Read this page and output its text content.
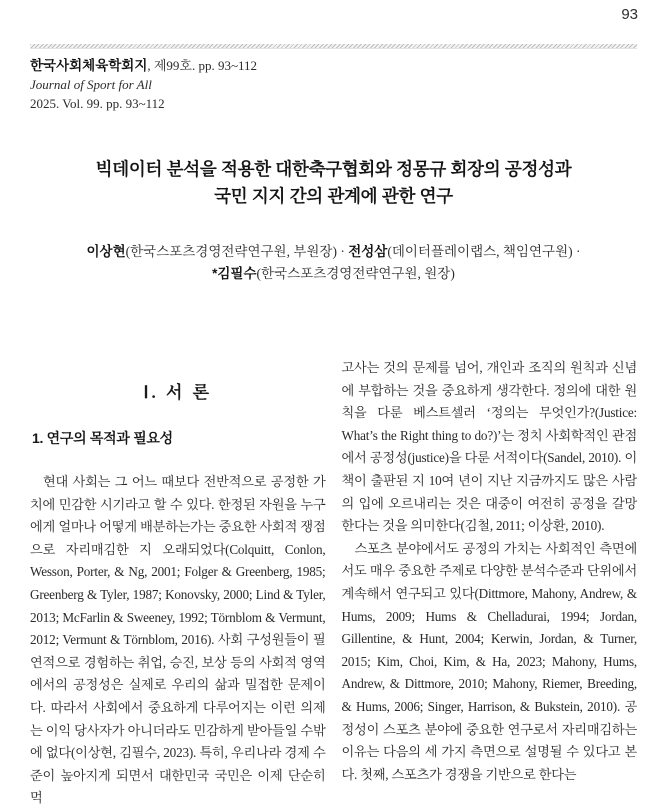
93
한국사회체육학회지, 제99호. pp. 93~112
Journal of Sport for All
2025. Vol. 99. pp. 93~112
빅데이터 분석을 적용한 대한축구협회와 정몽규 회장의 공정성과
국민 지지 간의 관계에 관한 연구
이상현(한국스포츠경영전략연구원, 부원장) · 전성삼(데이터플레이랩스, 책임연구원) ·
*김필수(한국스포츠경영전략연구원, 원장)
Ⅰ. 서 론
1. 연구의 목적과 필요성

현대 사회는 그 어느 때보다 전반적으로 공정한 가치에 민감한 시기라고 할 수 있다. 한정된 자원을 누구에게 얼마나 어떻게 배분하는가는 중요한 사회적 쟁점으로 자리매김한 지 오래되었다(Colquitt, Conlon, Wesson, Porter, & Ng, 2001; Folger & Greenberg, 1985; Greenberg & Tyler, 1987; Konovsky, 2000; Lind & Tyler, 2013; McFarlin & Sweeney, 1992; Törnblom & Vermunt, 2012; Vermunt & Törnblom, 2016). 사회 구성원들이 필연적으로 경험하는 취업, 승진, 보상 등의 사회적 영역에서의 공정성은 실제로 우리의 삶과 밀접한 문제이다. 따라서 사회에서 중요하게 다루어지는 이런 의제는 이익 당사자가 아니더라도 민감하게 받아들일 수밖에 없다(이상현, 김필수, 2023). 특히, 우리나라 경제 수준이 높아지게 되면서 대한민국 국민은 이제 단순히 먹

고사는 것의 문제를 넘어, 개인과 조직의 원칙과 신념에 부합하는 것을 중요하게 생각한다. 정의에 대한 원칙을 다룬 베스트셀러 ‘정의는 무엇인가?(Justice: What’s the Right thing to do?)’는 정치 사회학적인 관점에서 공정성(justice)을 다룬 서적이다(Sandel, 2010). 이 책이 출판된 지 10여 년이 지난 지금까지도 많은 사람의 입에 오르내리는 것은 대중이 여전히 공정을 갈망한다는 것을 의미한다(김철, 2011; 이상환, 2010).

스포츠 분야에서도 공정의 가치는 사회적인 측면에서도 매우 중요한 주제로 다양한 분석수준과 단위에서 계속해서 연구되고 있다(Dittmore, Mahony, Andrew, & Hums, 2009; Hums & Chelladurai, 1994; Jordan, Gillentine, & Hunt, 2004; Kerwin, Jordan, & Turner, 2015; Kim, Choi, Kim, & Ha, 2023; Mahony, Hums, Andrew, & Dittmore, 2010; Mahony, Riemer, Breeding, & Hums, 2006; Singer, Harrison, & Bukstein, 2010). 공정성이 스포츠 분야에 중요한 연구로서 자리매김하는 이유는 다음의 세 가지 측면으로 설명될 수 있다고 본다. 첫째, 스포츠가 경쟁을 기반으로 한다는
